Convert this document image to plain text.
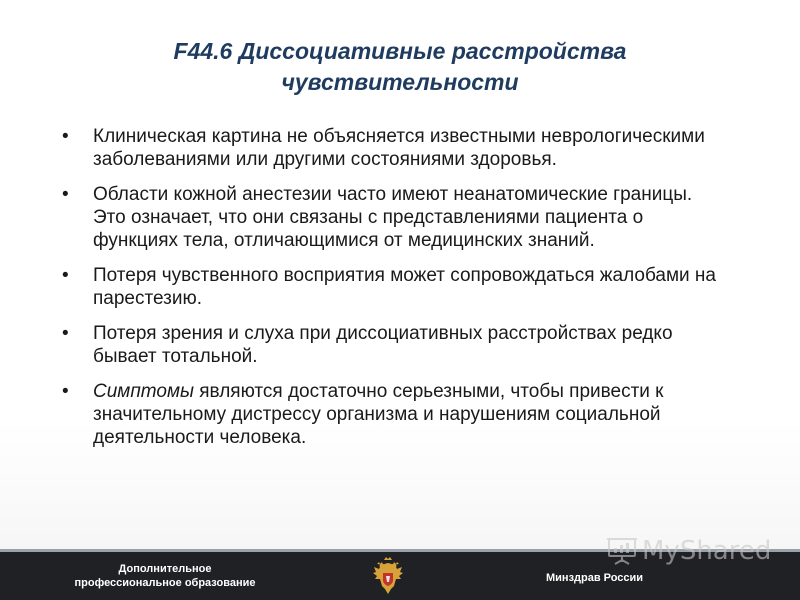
F44.6 Диссоциативные расстройства
чувствительности
• Клиническая картина не объясняется известными неврологическими заболеваниями или другими состояниями здоровья.
• Области кожной анестезии часто имеют неанатомические границы. Это означает, что они связаны с представлениями пациента о функциях тела, отличающимися от медицинских знаний.
• Потеря чувственного восприятия может сопровождаться жалобами на парестезию.
• Потеря зрения и слуха при диссоциативных расстройствах редко бывает тотальной.
• Симптомы являются достаточно серьезными, чтобы привести к значительному дистрессу организма и нарушениям социальной деятельности человека.
Дополнительное
профессиональное образование	Минздрав России
MyShared
